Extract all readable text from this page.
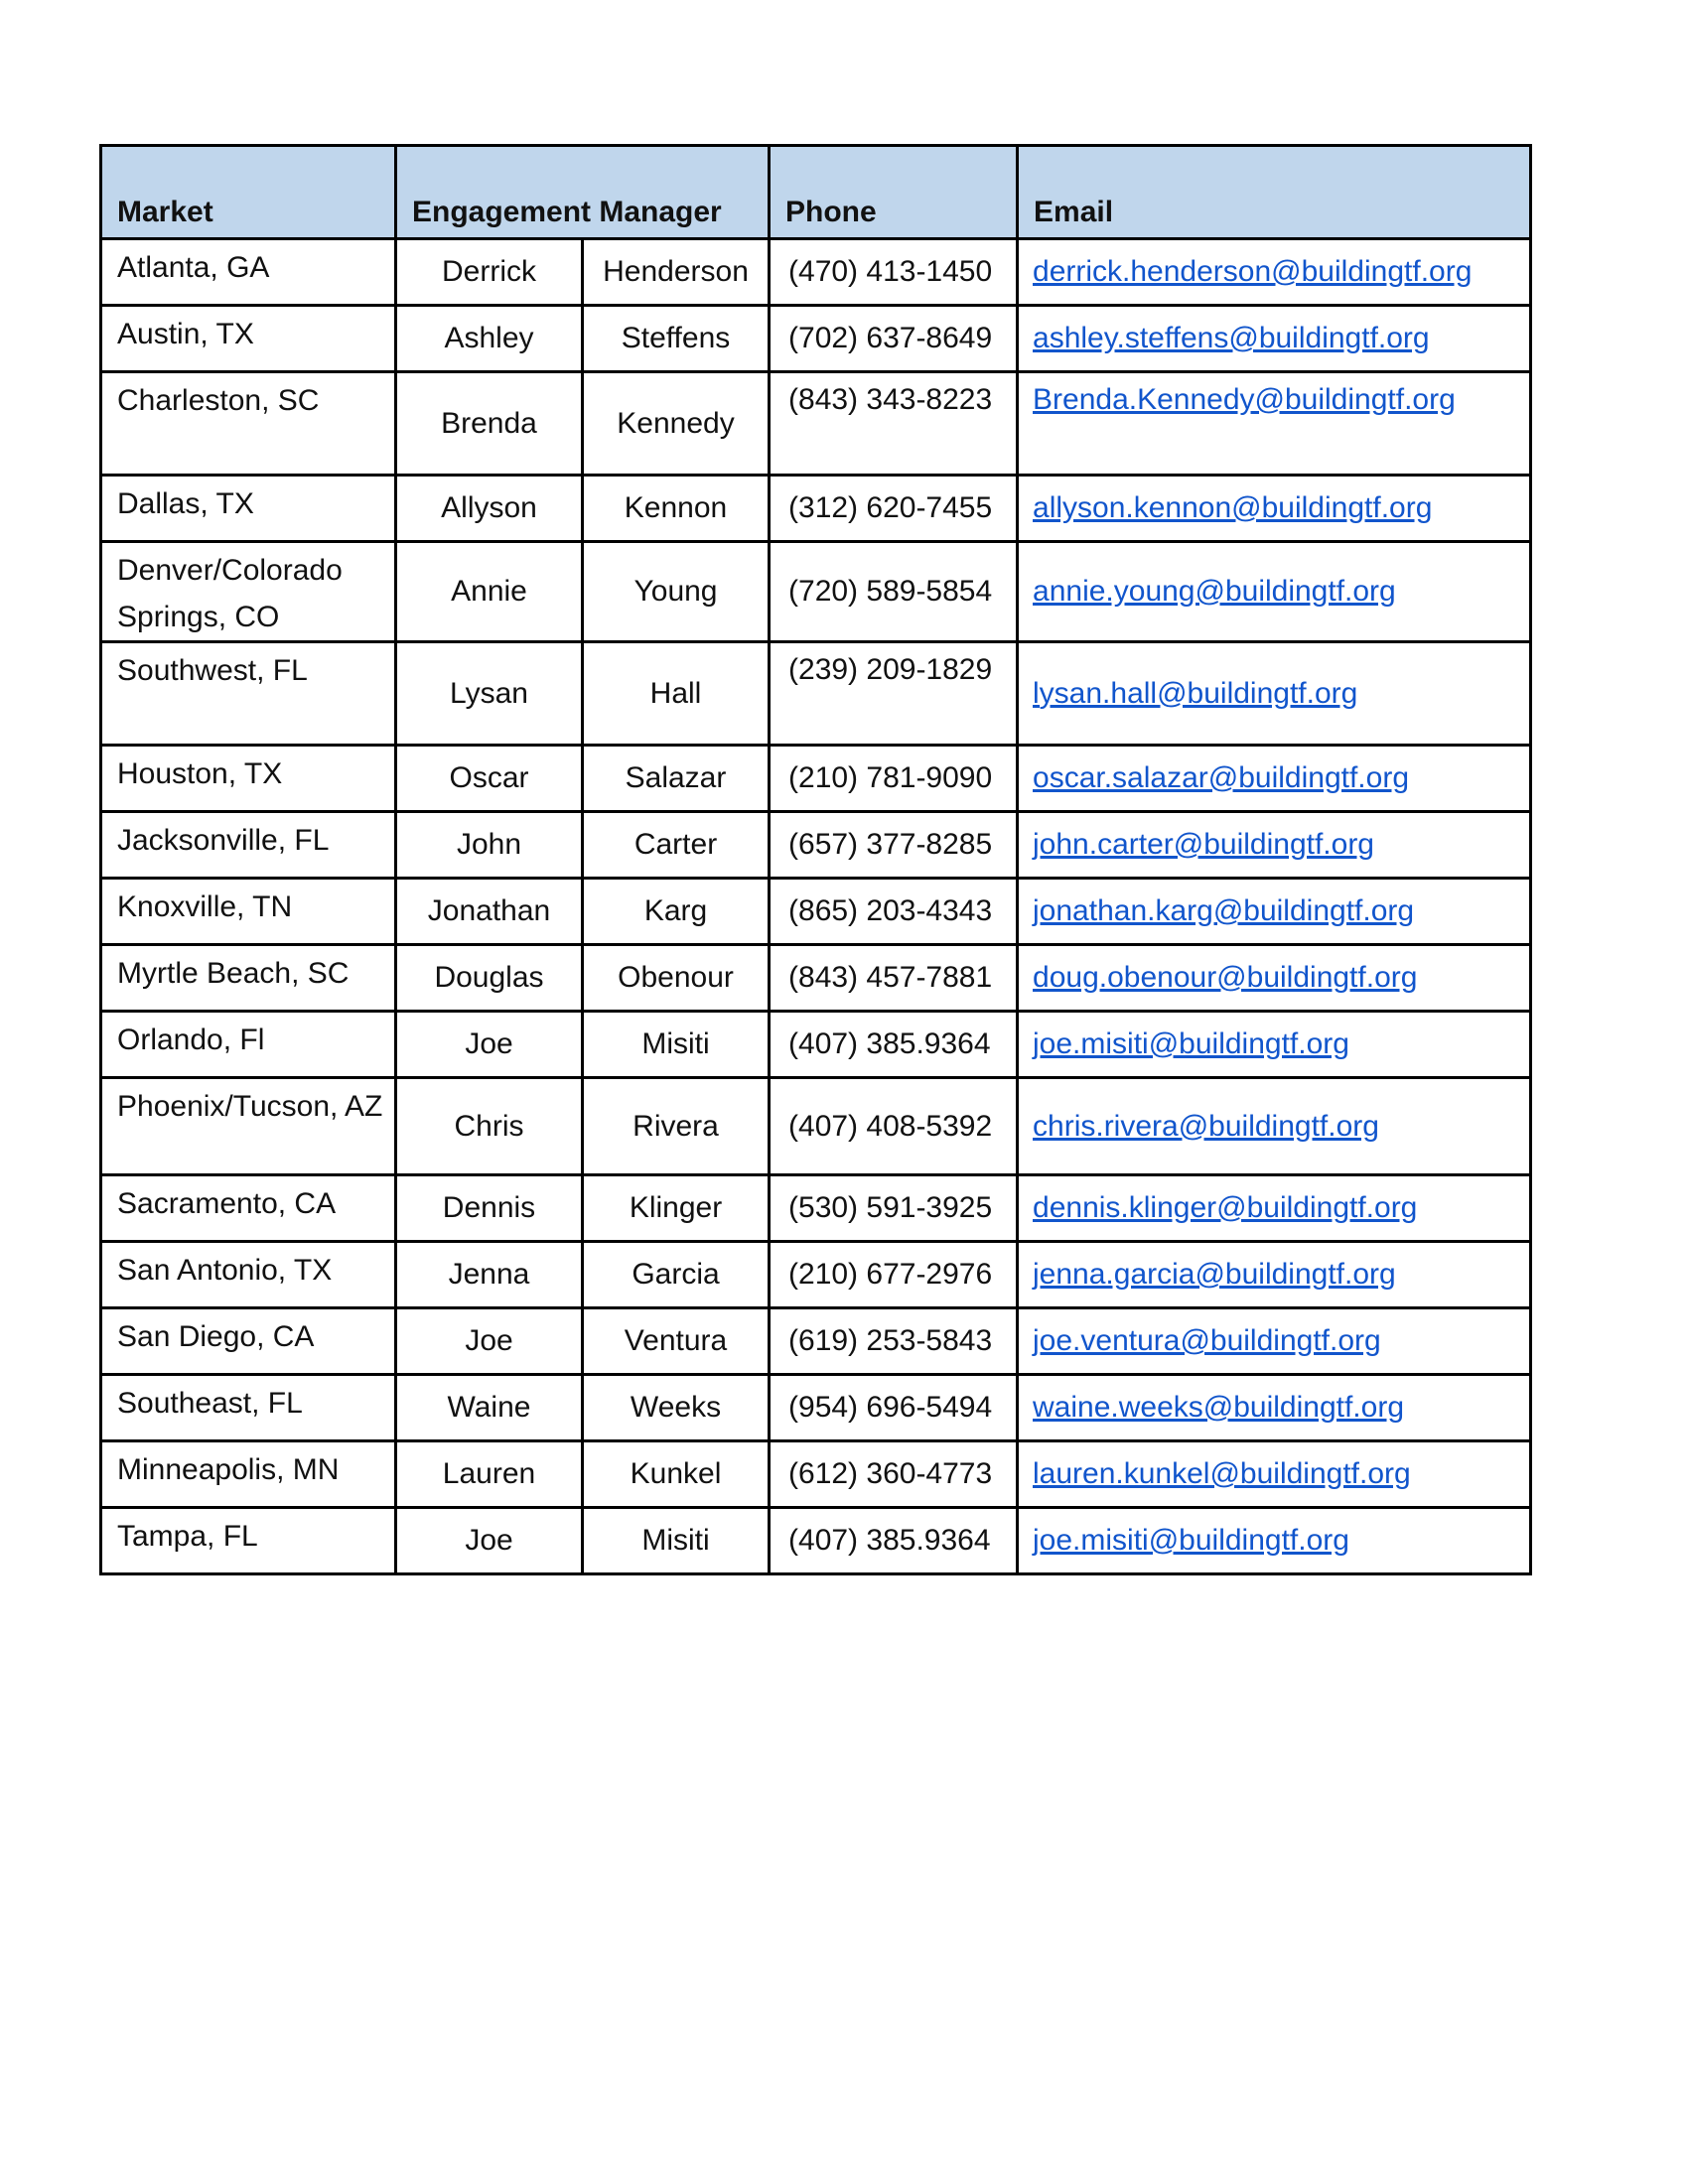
Market	Engagement Manager		Phone	Email
Atlanta, GA	Derrick	Henderson	(470) 413-1450	derrick.henderson@buildingtf.org
Austin, TX	Ashley	Steffens	(702) 637-8649	ashley.steffens@buildingtf.org
Charleston, SC	Brenda	Kennedy	(843) 343-8223	Brenda.Kennedy@buildingtf.org
Dallas, TX	Allyson	Kennon	(312) 620-7455	allyson.kennon@buildingtf.org
Denver/Colorado Springs, CO	Annie	Young	(720) 589-5854	annie.young@buildingtf.org
Southwest, FL	Lysan	Hall	(239) 209-1829	lysan.hall@buildingtf.org
Houston, TX	Oscar	Salazar	(210) 781-9090	oscar.salazar@buildingtf.org
Jacksonville, FL	John	Carter	(657) 377-8285	john.carter@buildingtf.org
Knoxville, TN	Jonathan	Karg	(865) 203-4343	jonathan.karg@buildingtf.org
Myrtle Beach, SC	Douglas	Obenour	(843) 457-7881	doug.obenour@buildingtf.org
Orlando, Fl	Joe	Misiti	(407) 385.9364	joe.misiti@buildingtf.org
Phoenix/Tucson, AZ	Chris	Rivera	(407) 408-5392	chris.rivera@buildingtf.org
Sacramento, CA	Dennis	Klinger	(530) 591-3925	dennis.klinger@buildingtf.org
San Antonio, TX	Jenna	Garcia	(210) 677-2976	jenna.garcia@buildingtf.org
San Diego, CA	Joe	Ventura	(619) 253-5843	joe.ventura@buildingtf.org
Southeast, FL	Waine	Weeks	(954) 696-5494	waine.weeks@buildingtf.org
Minneapolis, MN	Lauren	Kunkel	(612) 360-4773	lauren.kunkel@buildingtf.org
Tampa, FL	Joe	Misiti	(407) 385.9364	joe.misiti@buildingtf.org
